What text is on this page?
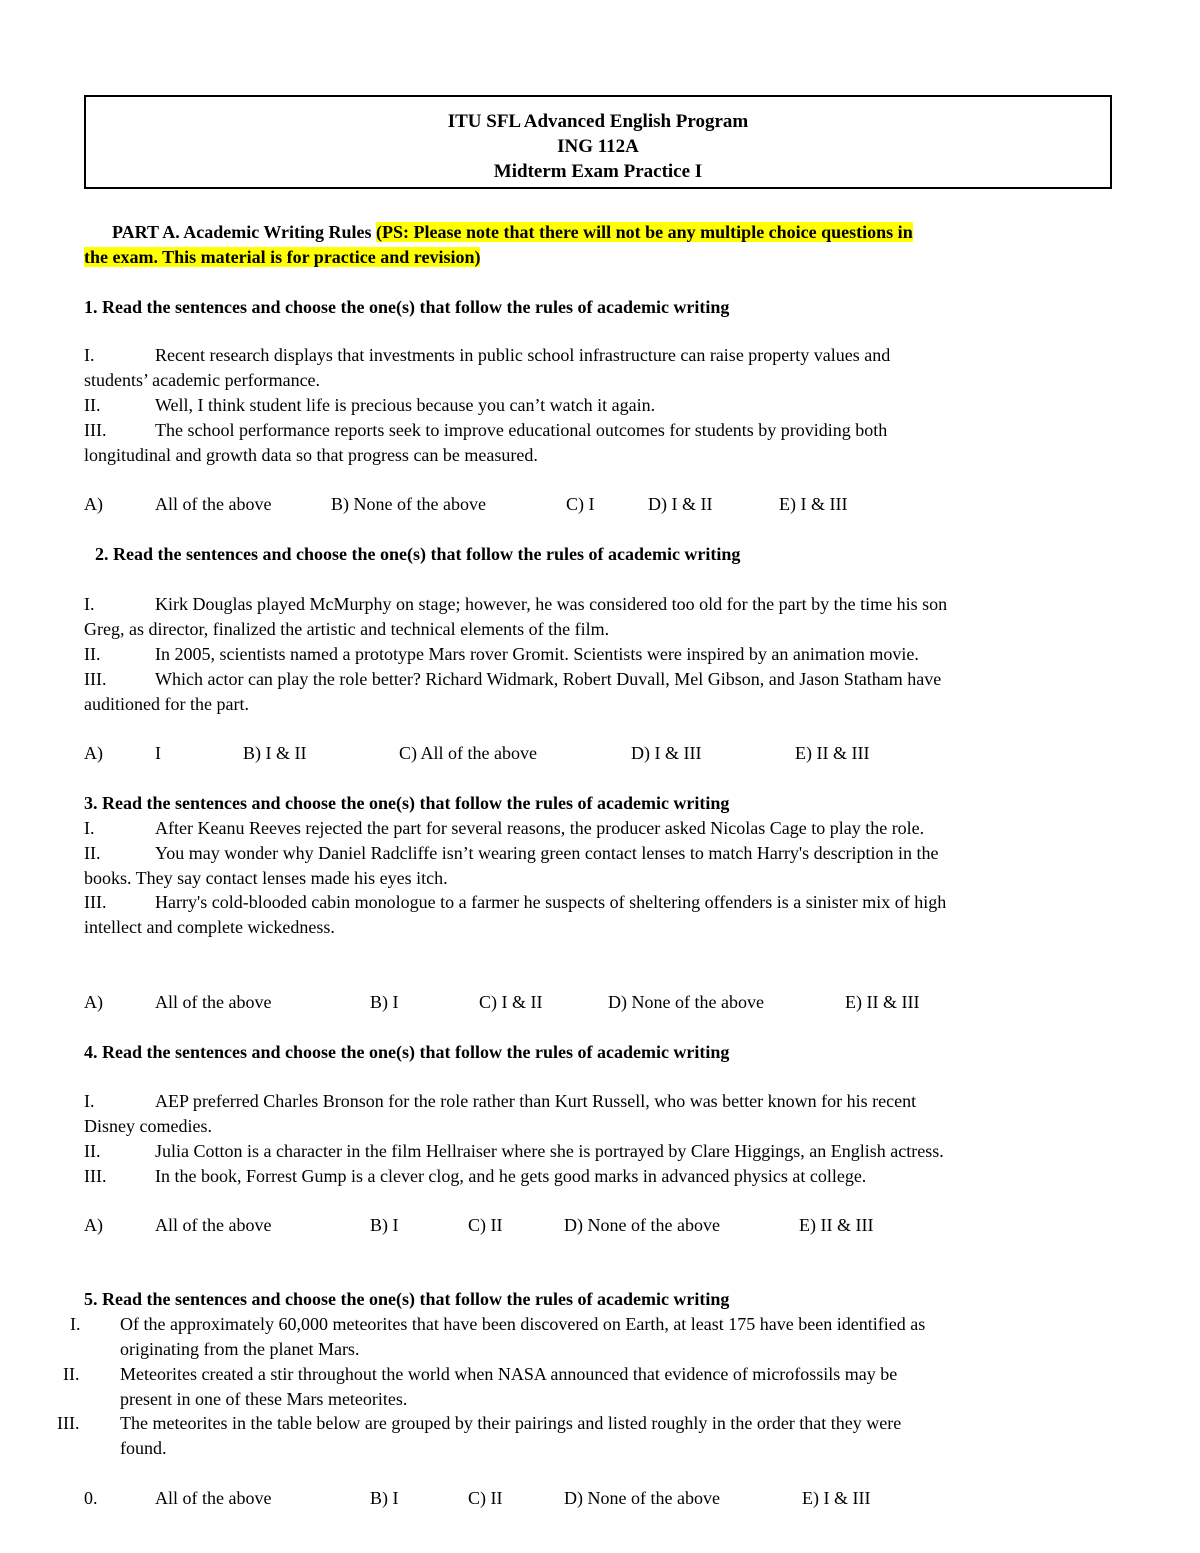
ITU SFL Advanced English Program
ING 112A
Midterm Exam Practice I
PART A. Academic Writing Rules (PS: Please note that there will not be any multiple choice questions in
the exam. This material is for practice and revision)
1. Read the sentences and choose the one(s) that follow the rules of academic writing
I.	Recent research displays that investments in public school infrastructure can raise property values and
students’ academic performance.
II.	Well, I think student life is precious because you can’t watch it again.
III.	The school performance reports seek to improve educational outcomes for students by providing both
longitudinal and growth data so that progress can be measured.
A)	All of the above	B) None of the above	C) I	D) I & II	E) I & III
2. Read the sentences and choose the one(s) that follow the rules of academic writing
I.	Kirk Douglas played McMurphy on stage; however, he was considered too old for the part by the time his son
Greg, as director, finalized the artistic and technical elements of the film.
II.	In 2005, scientists named a prototype Mars rover Gromit. Scientists were inspired by an animation movie.
III.	Which actor can play the role better? Richard Widmark, Robert Duvall, Mel Gibson, and Jason Statham have
auditioned for the part.
A)	I	B) I & II	C) All of the above	D) I & III	E) II & III
3. Read the sentences and choose the one(s) that follow the rules of academic writing
I.	After Keanu Reeves rejected the part for several reasons, the producer asked Nicolas Cage to play the role.
II.	You may wonder why Daniel Radcliffe isn’t wearing green contact lenses to match Harry's description in the
books. They say contact lenses made his eyes itch.
III.	Harry's cold-blooded cabin monologue to a farmer he suspects of sheltering offenders is a sinister mix of high
intellect and complete wickedness.
A)	All of the above	B) I	C) I & II	D) None of the above	E) II & III
4. Read the sentences and choose the one(s) that follow the rules of academic writing
I.	AEP preferred Charles Bronson for the role rather than Kurt Russell, who was better known for his recent
Disney comedies.
II.	Julia Cotton is a character in the film Hellraiser where she is portrayed by Clare Higgings, an English actress.
III.	In the book, Forrest Gump is a clever clog, and he gets good marks in advanced physics at college.
A)	All of the above	B) I	C) II	D) None of the above	E) II & III
5. Read the sentences and choose the one(s) that follow the rules of academic writing
I. Of the approximately 60,000 meteorites that have been discovered on Earth, at least 175 have been identified as
originating from the planet Mars.
II. Meteorites created a stir throughout the world when NASA announced that evidence of microfossils may be
present in one of these Mars meteorites.
III. The meteorites in the table below are grouped by their pairings and listed roughly in the order that they were
found.
0.	All of the above	B) I	C) II	D) None of the above	E) I & III
